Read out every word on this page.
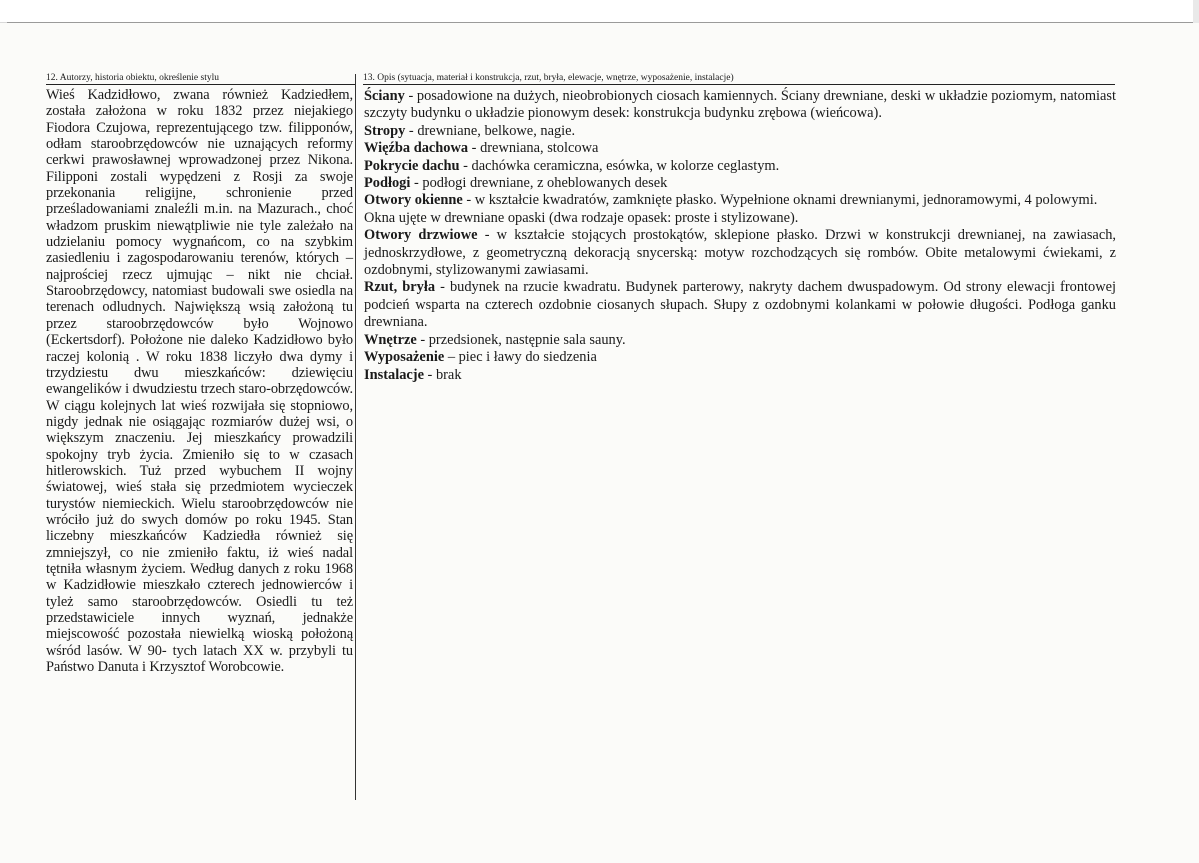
12. Autorzy, historia obiektu, określenie stylu	13. Opis (sytuacja, materiał i konstrukcja, rzut, bryła, elewacje, wnętrze, wyposażenie, instalacje)
Wieś Kadzidłowo, zwana również Kadziedłem, została założona w roku 1832 przez niejakiego Fiodora Czujowa, reprezentującego tzw. filipponów, odłam staroobrzędowców nie uznających reformy cerkwi prawosławnej wprowadzonej przez Nikona. Filipponi zostali wypędzeni z Rosji za swoje przekonania religijne, schronienie przed prześladowaniami znaleźli m.in. na Mazurach., choć władzom pruskim niewątpliwie nie tyle zależało na udzielaniu pomocy wygnańcom, co na szybkim zasiedleniu i zagospodarowaniu terenów, których – najprościej rzecz ujmując – nikt nie chciał. Staroobrzędowcy, natomiast budowali swe osiedla na terenach odludnych. Największą wsią założoną tu przez staroobrzędowców było Wojnowo (Eckertsdorf). Położone nie daleko Kadzidłowo było raczej kolonią . W roku 1838 liczyło dwa dymy i trzydziestu dwu mieszkańców: dziewięciu ewangelików i dwudziestu trzech staro-obrzędowców. W ciągu kolejnych lat wieś rozwijała się stopniowo, nigdy jednak nie osiągając rozmiarów dużej wsi, o większym znaczeniu. Jej mieszkańcy prowadzili spokojny tryb życia. Zmieniło się to w czasach hitlerowskich. Tuż przed wybuchem II wojny światowej, wieś stała się przedmiotem wycieczek turystów niemieckich. Wielu staroobrzędowców nie wróciło już do swych domów po roku 1945. Stan liczebny mieszkańców Kadziedła również się zmniejszył, co nie zmieniło faktu, iż wieś nadal tętniła własnym życiem. Według danych z roku 1968 w Kadzidłowie mieszkało czterech jednowierców i tyleż samo staroobrzędowców. Osiedli tu też przedstawiciele innych wyznań, jednakże miejscowość pozostała niewielką wioską położoną wśród lasów. W 90- tych latach XX w. przybyli tu Państwo Danuta i Krzysztof Worobcowie.

Ściany - posadowione na dużych, nieobrobionych ciosach kamiennych. Ściany drewniane, deski w układzie poziomym, natomiast szczyty budynku o układzie pionowym desek: konstrukcja budynku zrębowa (wieńcowa).

Stropy - drewniane, belkowe, nagie.

Więźba dachowa - drewniana, stolcowa

Pokrycie dachu - dachówka ceramiczna, esówka, w kolorze ceglastym.

Podłogi - podłogi drewniane, z oheblowanych desek

Otwory okienne - w kształcie kwadratów, zamknięte płasko. Wypełnione oknami drewnianymi, jednoramowymi, 4 polowymi.

Okna ujęte w drewniane opaski (dwa rodzaje opasek: proste i stylizowane).

Otwory drzwiowe - w kształcie stojących prostokątów, sklepione płasko. Drzwi w konstrukcji drewnianej, na zawiasach, jednoskrzydłowe, z geometryczną dekoracją snycerską: motyw rozchodzących się rombów. Obite metalowymi ćwiekami, z ozdobnymi, stylizowanymi zawiasami.

Rzut, bryła - budynek na rzucie kwadratu. Budynek parterowy, nakryty dachem dwuspadowym. Od strony elewacji frontowej podcień wsparta na czterech ozdobnie ciosanych słupach. Słupy z ozdobnymi kolankami w połowie długości. Podłoga ganku drewniana.

Wnętrze - przedsionek, następnie sala sauny.

Wyposażenie – piec i ławy do siedzenia

Instalacje - brak
